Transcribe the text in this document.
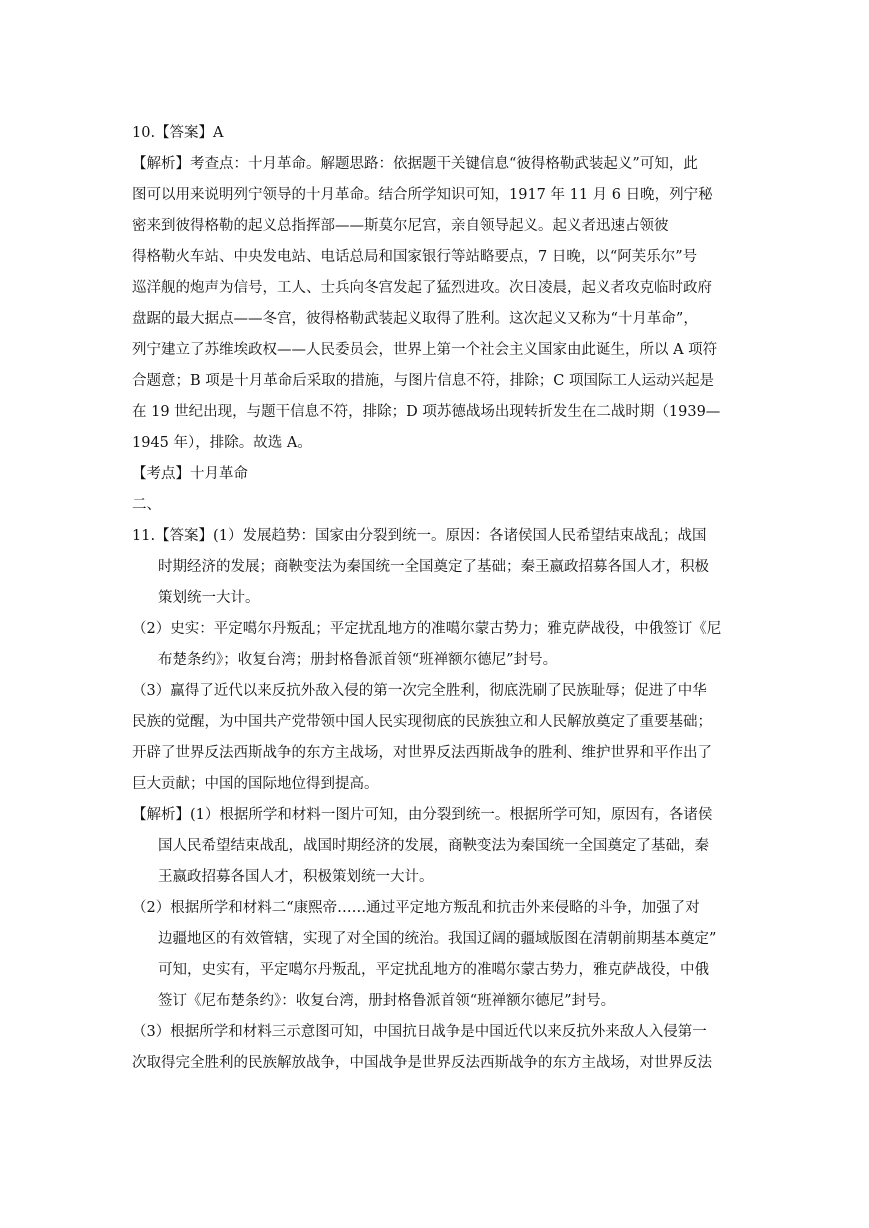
10.【答案】A
【解析】考查点：十月革命。解题思路：依据题干关键信息“彼得格勒武装起义”可知，此
图可以用来说明列宁领导的十月革命。结合所学知识可知，1917 年 11 月 6 日晚，列宁秘
密来到彼得格勒的起义总指挥部——斯莫尔尼宫，亲自领导起义。起义者迅速占领彼
得格勒火车站、中央发电站、电话总局和国家银行等站略要点，7 日晚，以“阿芙乐尔”号
巡洋舰的炮声为信号，工人、士兵向冬宫发起了猛烈进攻。次日凌晨，起义者攻克临时政府
盘踞的最大据点——冬宫，彼得格勒武装起义取得了胜利。这次起义又称为“十月革命”，
列宁建立了苏维埃政权——人民委员会，世界上第一个社会主义国家由此诞生，所以 A 项符
合题意；B 项是十月革命后采取的措施，与图片信息不符，排除；C 项国际工人运动兴起是
在 19 世纪出现，与题干信息不符，排除；D 项苏德战场出现转折发生在二战时期（1939—
1945 年），排除。故选 A。
【考点】十月革命
二、
11.【答案】(1）发展趋势：国家由分裂到统一。原因：各诸侯国人民希望结束战乱；战国
时期经济的发展；商鞅变法为秦国统一全国奠定了基础；秦王嬴政招募各国人才，积极
策划统一大计。
（2）史实：平定噶尔丹叛乱；平定扰乱地方的准噶尔蒙古势力；雅克萨战役，中俄签订《尼
布楚条约》；收复台湾；册封格鲁派首领“班禅额尔德尼”封号。
（3）赢得了近代以来反抗外敌入侵的第一次完全胜利，彻底洗刷了民族耻辱；促进了中华
民族的觉醒，为中国共产党带领中国人民实现彻底的民族独立和人民解放奠定了重要基础；
开辟了世界反法西斯战争的东方主战场，对世界反法西斯战争的胜利、维护世界和平作出了
巨大贡献；中国的国际地位得到提高。
【解析】(1）根据所学和材料一图片可知，由分裂到统一。根据所学可知，原因有，各诸侯
国人民希望结束战乱，战国时期经济的发展，商鞅变法为秦国统一全国奠定了基础，秦
王嬴政招募各国人才，积极策划统一大计。
（2）根据所学和材料二“康熙帝……通过平定地方叛乱和抗击外来侵略的斗争，加强了对
边疆地区的有效管辖，实现了对全国的统治。我国辽阔的疆域版图在清朝前期基本奠定”
可知，史实有，平定噶尔丹叛乱，平定扰乱地方的准噶尔蒙古势力，雅克萨战役，中俄
签订《尼布楚条约》：收复台湾，册封格鲁派首领“班禅额尔德尼”封号。
（3）根据所学和材料三示意图可知，中国抗日战争是中国近代以来反抗外来敌人入侵第一
次取得完全胜利的民族解放战争，中国战争是世界反法西斯战争的东方主战场，对世界反法
